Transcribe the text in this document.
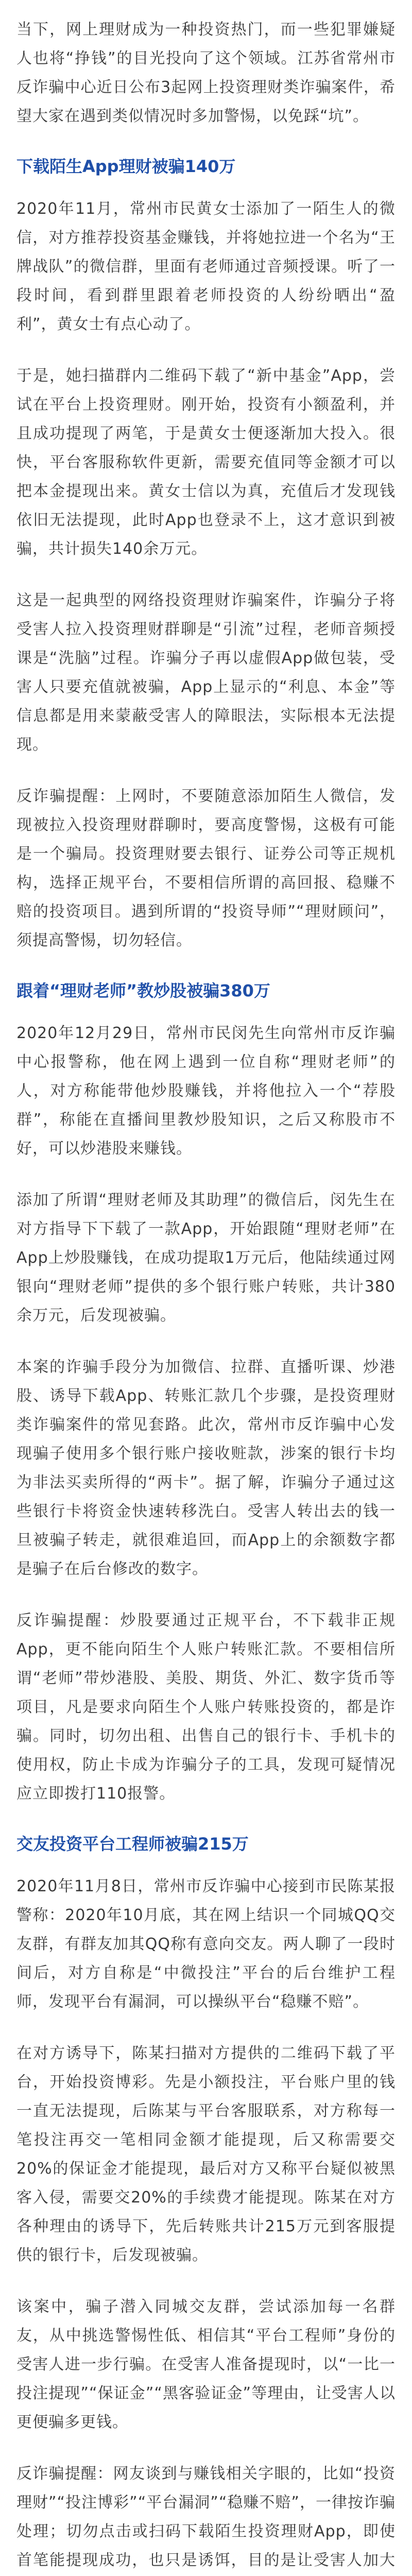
当下，网上理财成为一种投资热门，而一些犯罪嫌疑人也将“挣钱”的目光投向了这个领域。江苏省常州市反诈骗中心近日公布3起网上投资理财类诈骗案件，希望大家在遇到类似情况时多加警惕，以免踩“坑”。

下载陌生App理财被骗140万

2020年11月，常州市民黄女士添加了一陌生人的微信，对方推荐投资基金赚钱，并将她拉进一个名为“王牌战队”的微信群，里面有老师通过音频授课。听了一段时间，看到群里跟着老师投资的人纷纷晒出“盈利”，黄女士有点心动了。

于是，她扫描群内二维码下载了“新中基金”App，尝试在平台上投资理财。刚开始，投资有小额盈利，并且成功提现了两笔，于是黄女士便逐渐加大投入。很快，平台客服称软件更新，需要充值同等金额才可以把本金提现出来。黄女士信以为真，充值后才发现钱依旧无法提现，此时App也登录不上，这才意识到被骗，共计损失140余万元。

这是一起典型的网络投资理财诈骗案件，诈骗分子将受害人拉入投资理财群聊是“引流”过程，老师音频授课是“洗脑”过程。诈骗分子再以虚假App做包装，受害人只要充值就被骗，App上显示的“利息、本金”等信息都是用来蒙蔽受害人的障眼法，实际根本无法提现。

反诈骗提醒：上网时，不要随意添加陌生人微信，发现被拉入投资理财群聊时，要高度警惕，这极有可能是一个骗局。投资理财要去银行、证券公司等正规机构，选择正规平台，不要相信所谓的高回报、稳赚不赔的投资项目。遇到所谓的“投资导师”“理财顾问”，须提高警惕，切勿轻信。

跟着“理财老师”教炒股被骗380万

2020年12月29日，常州市民闵先生向常州市反诈骗中心报警称，他在网上遇到一位自称“理财老师”的人，对方称能带他炒股赚钱，并将他拉入一个“荐股群”，称能在直播间里教炒股知识，之后又称股市不好，可以炒港股来赚钱。

添加了所谓“理财老师及其助理”的微信后，闵先生在对方指导下下载了一款App，开始跟随“理财老师”在App上炒股赚钱，在成功提取1万元后，他陆续通过网银向“理财老师”提供的多个银行账户转账，共计380余万元，后发现被骗。

本案的诈骗手段分为加微信、拉群、直播听课、炒港股、诱导下载App、转账汇款几个步骤，是投资理财类诈骗案件的常见套路。此次，常州市反诈骗中心发现骗子使用多个银行账户接收赃款，涉案的银行卡均为非法买卖所得的“两卡”。据了解，诈骗分子通过这些银行卡将资金快速转移洗白。受害人转出去的钱一旦被骗子转走，就很难追回，而App上的余额数字都是骗子在后台修改的数字。

反诈骗提醒：炒股要通过正规平台，不下载非正规App，更不能向陌生个人账户转账汇款。不要相信所谓“老师”带炒港股、美股、期货、外汇、数字货币等项目，凡是要求向陌生个人账户转账投资的，都是诈骗。同时，切勿出租、出售自己的银行卡、手机卡的使用权，防止卡成为诈骗分子的工具，发现可疑情况应立即拨打110报警。

交友投资平台工程师被骗215万

2020年11月8日，常州市反诈骗中心接到市民陈某报警称：2020年10月底，其在网上结识一个同城QQ交友群，有群友加其QQ称有意向交友。两人聊了一段时间后，对方自称是“中微投注”平台的后台维护工程师，发现平台有漏洞，可以操纵平台“稳赚不赔”。

在对方诱导下，陈某扫描对方提供的二维码下载了平台，开始投资博彩。先是小额投注，平台账户里的钱一直无法提现，后陈某与平台客服联系，对方称每一笔投注再交一笔相同金额才能提现，后又称需要交20%的保证金才能提现，最后对方又称平台疑似被黑客入侵，需要交20%的手续费才能提现。陈某在对方各种理由的诱导下，先后转账共计215万元到客服提供的银行卡，后发现被骗。

该案中，骗子潜入同城交友群，尝试添加每一名群友，从中挑选警惕性低、相信其“平台工程师”身份的受害人进一步行骗。在受害人准备提现时，以“一比一投注提现”“保证金”“黑客验证金”等理由，让受害人以更便骗多更钱。

反诈骗提醒：网友谈到与赚钱相关字眼的，比如“投资理财”“投注博彩”“平台漏洞”“稳赚不赔”，一律按诈骗处理；切勿点击或扫码下载陌生投资理财App，即使首笔能提现成功，也只是诱饵，目的是让受害人加大
